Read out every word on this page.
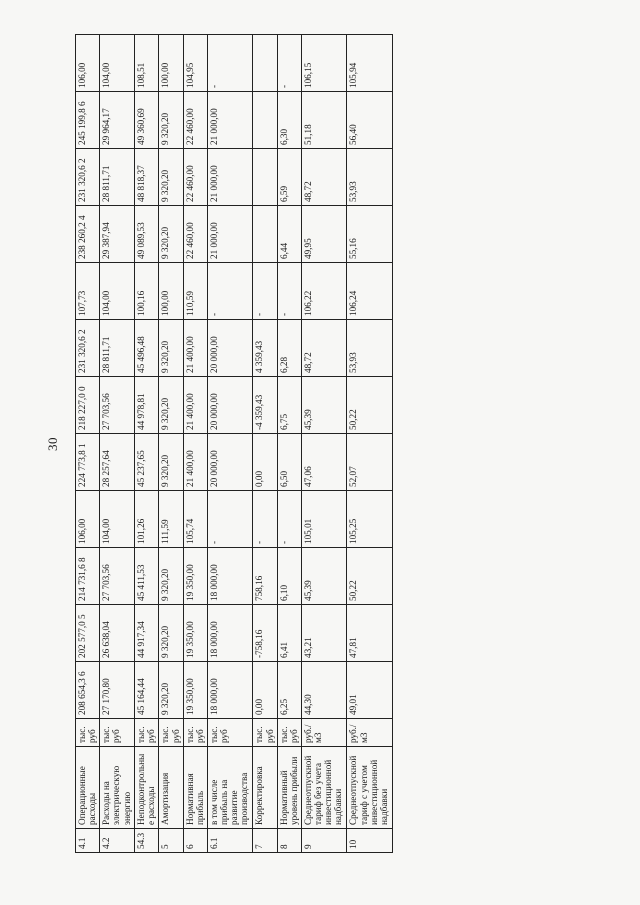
30
4.1	Операционные расходы	тыс. руб	208 654,3 6	202 577,0 5	214 731,6 8	106,00	224 773,8 1	218 227,0 0	231 320,6 2	107,73	238 260,2 4	231 320,6 2	245 199,8 6	106,00
4.2	Расходы на электрическую энергию	тыс. руб	27 170,80	26 638,04	27 703,56	104,00	28 257,64	27 703,56	28 811,71	104,00	29 387,94	28 811,71	29 964,17	104,00
54.3	Неподконтрольные расходы	тыс. руб	45 164,44	44 917,34	45 411,53	101,26	45 237,65	44 978,81	45 496,48	100,16	49 089,53	48 818,37	49 360,69	108,51
5	Амортизация	тыс. руб	9 320,20	9 320,20	9 320,20	111,59	9 320,20	9 320,20	9 320,20	100,00	9 320,20	9 320,20	9 320,20	100,00
6	Нормативная прибыль	тыс. руб	19 350,00	19 350,00	19 350,00	105,74	21 400,00	21 400,00	21 400,00	110,59	22 460,00	22 460,00	22 460,00	104,95
6.1	в том числе прибыль на развитие производства	тыс. руб	18 000,00	18 000,00	18 000,00	-	20 000,00	20 000,00	20 000,00	-	21 000,00	21 000,00	21 000,00	-
7	Корректировка	тыс. руб	0,00	-758,16	758,16	-	0,00	-4 359,43	4 359,43	-				
8	Нормативный уровень прибыли	тыс. руб	6,25	6,41	6,10	-	6,50	6,75	6,28	-	6,44	6,59	6,30	-
9	Среднеотпускной тариф без учета инвестиционной надбавки	руб./ м3	44,30	43,21	45,39	105,01	47,06	45,39	48,72	106,22	49,95	48,72	51,18	106,15
10	Среднеотпускной тариф с учетом инвестиционной надбавки	руб./ м3	49,01	47,81	50,22	105,25	52,07	50,22	53,93	106,24	55,16	53,93	56,40	105,94
